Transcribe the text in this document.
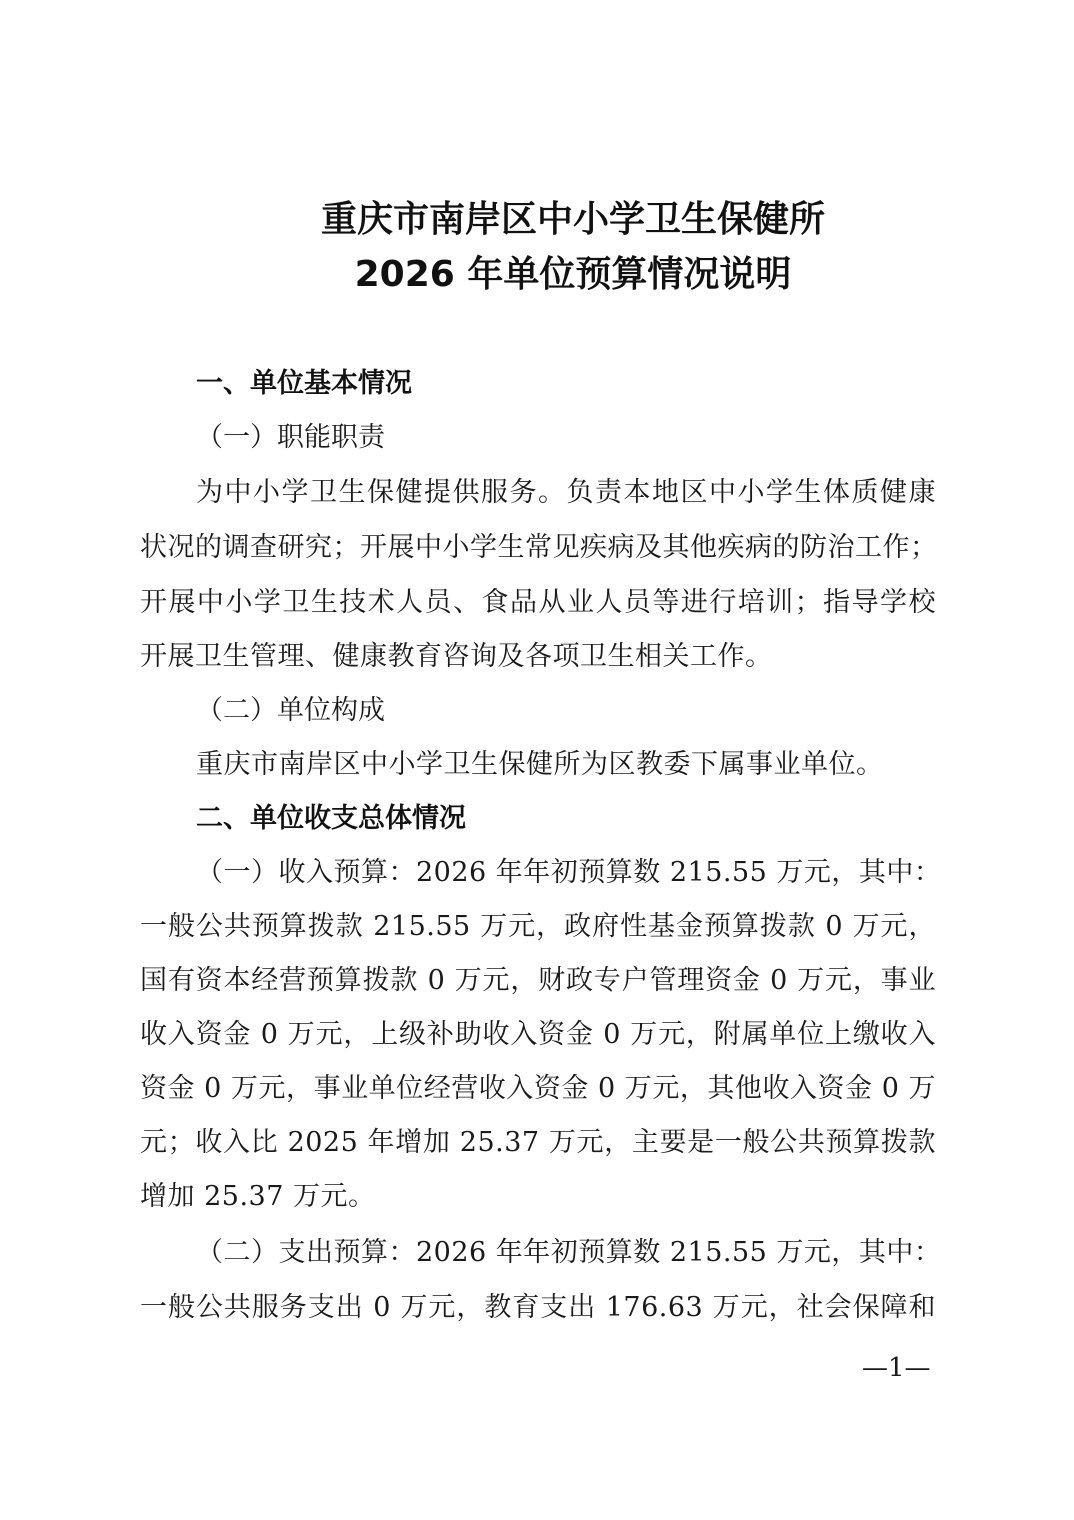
重庆市南岸区中小学卫生保健所
2026 年单位预算情况说明
一、单位基本情况
（一）职能职责
为中小学卫生保健提供服务。负责本地区中小学生体质健康
状况的调查研究；开展中小学生常见疾病及其他疾病的防治工作；
开展中小学卫生技术人员、食品从业人员等进行培训；指导学校
开展卫生管理、健康教育咨询及各项卫生相关工作。
（二）单位构成
重庆市南岸区中小学卫生保健所为区教委下属事业单位。
二、单位收支总体情况
（一）收入预算：2026 年年初预算数 215.55 万元，其中：
一般公共预算拨款 215.55 万元，政府性基金预算拨款 0 万元，
国有资本经营预算拨款 0 万元，财政专户管理资金 0 万元，事业
收入资金 0 万元，上级补助收入资金 0 万元，附属单位上缴收入
资金 0 万元，事业单位经营收入资金 0 万元，其他收入资金 0 万
元；收入比 2025 年增加 25.37 万元，主要是一般公共预算拨款
增加 25.37 万元。
（二）支出预算：2026 年年初预算数 215.55 万元，其中：
一般公共服务支出 0 万元，教育支出 176.63 万元，社会保障和
—1—
